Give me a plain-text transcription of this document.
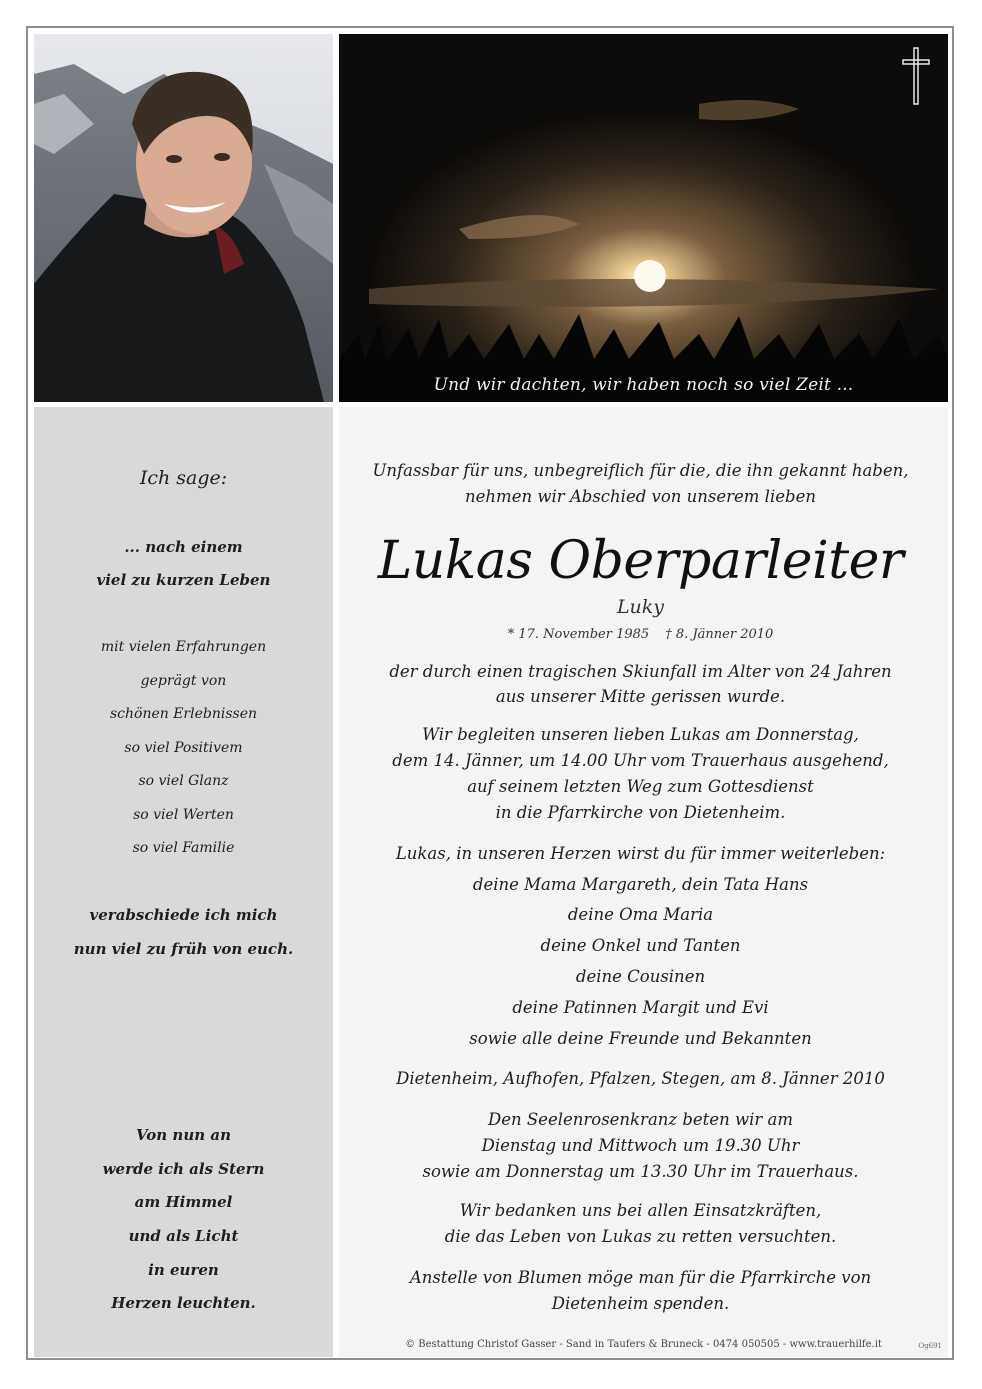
Und wir dachten, wir haben noch so viel Zeit ...
Ich sage:
... nach einem
viel zu kurzen Leben
mit vielen Erfahrungen
geprägt von
schönen Erlebnissen
so viel Positivem
so viel Glanz
so viel Werten
so viel Familie
verabschiede ich mich
nun viel zu früh von euch.
Von nun an
werde ich als Stern
am Himmel
und als Licht
in euren
Herzen leuchten.
Unfassbar für uns, unbegreiflich für die, die ihn gekannt haben,
nehmen wir Abschied von unserem lieben
Lukas Oberparleiter
Luky
* 17. November 1985 † 8. Jänner 2010
der durch einen tragischen Skiunfall im Alter von 24 Jahren
aus unserer Mitte gerissen wurde.
Wir begleiten unseren lieben Lukas am Donnerstag,
dem 14. Jänner, um 14.00 Uhr vom Trauerhaus ausgehend,
auf seinem letzten Weg zum Gottesdienst
in die Pfarrkirche von Dietenheim.
Lukas, in unseren Herzen wirst du für immer weiterleben:
deine Mama Margareth, dein Tata Hans
deine Oma Maria
deine Onkel und Tanten
deine Cousinen
deine Patinnen Margit und Evi
sowie alle deine Freunde und Bekannten
Dietenheim, Aufhofen, Pfalzen, Stegen, am 8. Jänner 2010
Den Seelenrosenkranz beten wir am
Dienstag und Mittwoch um 19.30 Uhr
sowie am Donnerstag um 13.30 Uhr im Trauerhaus.
Wir bedanken uns bei allen Einsatzkräften,
die das Leben von Lukas zu retten versuchten.
Anstelle von Blumen möge man für die Pfarrkirche von
Dietenheim spenden.
© Bestattung Christof Gasser - Sand in Taufers & Bruneck - 0474 050505 - www.trauerhilfe.it	Og691
